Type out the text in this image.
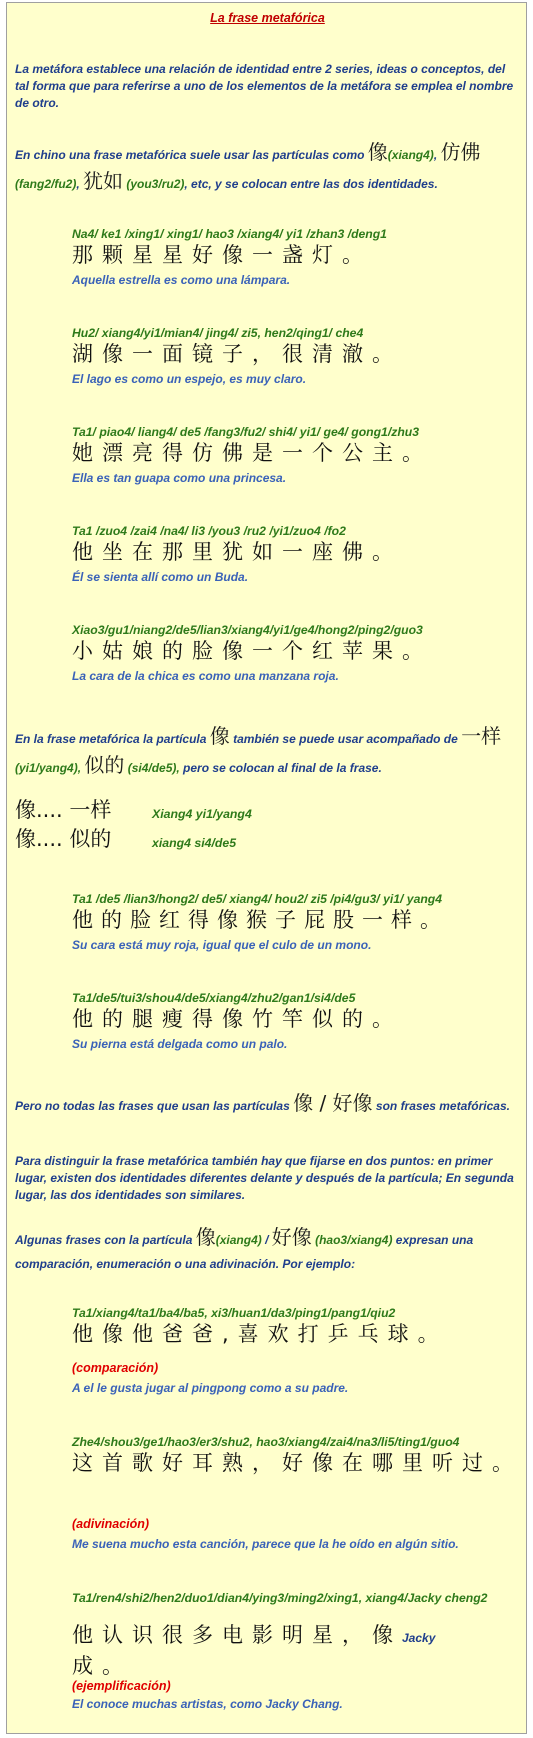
La frase metafórica
La metáfora establece una relación de identidad entre 2 series, ideas o conceptos, del tal forma que para referirse a uno de los elementos de la metáfora se emplea el nombre de otro.
En chino una frase metafórica suele usar las partículas como 像(xiang4), 仿佛(fang2/fu2), 犹如 (you3/ru2), etc, y se colocan entre las dos identidades.
Na4/ ke1 /xing1/ xing1/ hao3 /xiang4/ yi1 /zhan3 /deng1
那颗星星好像一盏灯。
Aquella estrella es como una lámpara.
Hu2/ xiang4/yi1/mian4/ jing4/ zi5, hen2/qing1/ che4
湖像一面镜子，很清澈。
El lago es como un espejo, es muy claro.
Ta1/ piao4/ liang4/ de5 /fang3/fu2/ shi4/ yi1/ ge4/ gong1/zhu3
她漂亮得仿佛是一个公主。
Ella es tan guapa como una princesa.
Ta1 /zuo4 /zai4 /na4/ li3 /you3 /ru2 /yi1/zuo4 /fo2
他坐在那里犹如一座佛。
Él se sienta allí como un Buda.
Xiao3/gu1/niang2/de5/lian3/xiang4/yi1/ge4/hong2/ping2/guo3
小姑娘的脸像一个红苹果。
La cara de la chica es como una manzana roja.
En la frase metafórica la partícula 像 también se puede usar acompañado de 一样 (yi1/yang4), 似的 (si4/de5), pero se colocan al final de la frase.
像.... 一样	Xiang4 yi1/yang4
像.... 似的	xiang4 si4/de5
Ta1 /de5 /lian3/hong2/ de5/ xiang4/ hou2/ zi5 /pi4/gu3/ yi1/ yang4
他的脸红得像猴子屁股一样。
Su cara está muy roja, igual que el culo de un mono.
Ta1/de5/tui3/shou4/de5/xiang4/zhu2/gan1/si4/de5
他的腿瘦得像竹竿似的。
Su pierna está delgada como un palo.
Pero no todas las frases que usan las partículas 像 / 好像 son frases metafóricas.
Para distinguir la frase metafórica también hay que fijarse en dos puntos: en primer lugar, existen dos identidades diferentes delante y después de la partícula; En segunda lugar, las dos identidades son similares.
Algunas frases con la partícula 像(xiang4) / 好像 (hao3/xiang4) expresan una comparación, enumeración o una adivinación. Por ejemplo:
Ta1/xiang4/ta1/ba4/ba5, xi3/huan1/da3/ping1/pang1/qiu2
他像他爸爸,喜欢打乒乓球。
(comparación)
A el le gusta jugar al pingpong como a su padre.
Zhe4/shou3/ge1/hao3/er3/shu2, hao3/xiang4/zai4/na3/li5/ting1/guo4
这首歌好耳熟，好像在哪里听过。
(adivinación)
Me suena mucho esta canción, parece que la he oído en algún sitio.
Ta1/ren4/shi2/hen2/duo1/dian4/ying3/ming2/xing1, xiang4/Jacky cheng2
他认识很多电影明星，像Jacky
成。
(ejemplificación)
El conoce muchas artistas, como Jacky Chang.
